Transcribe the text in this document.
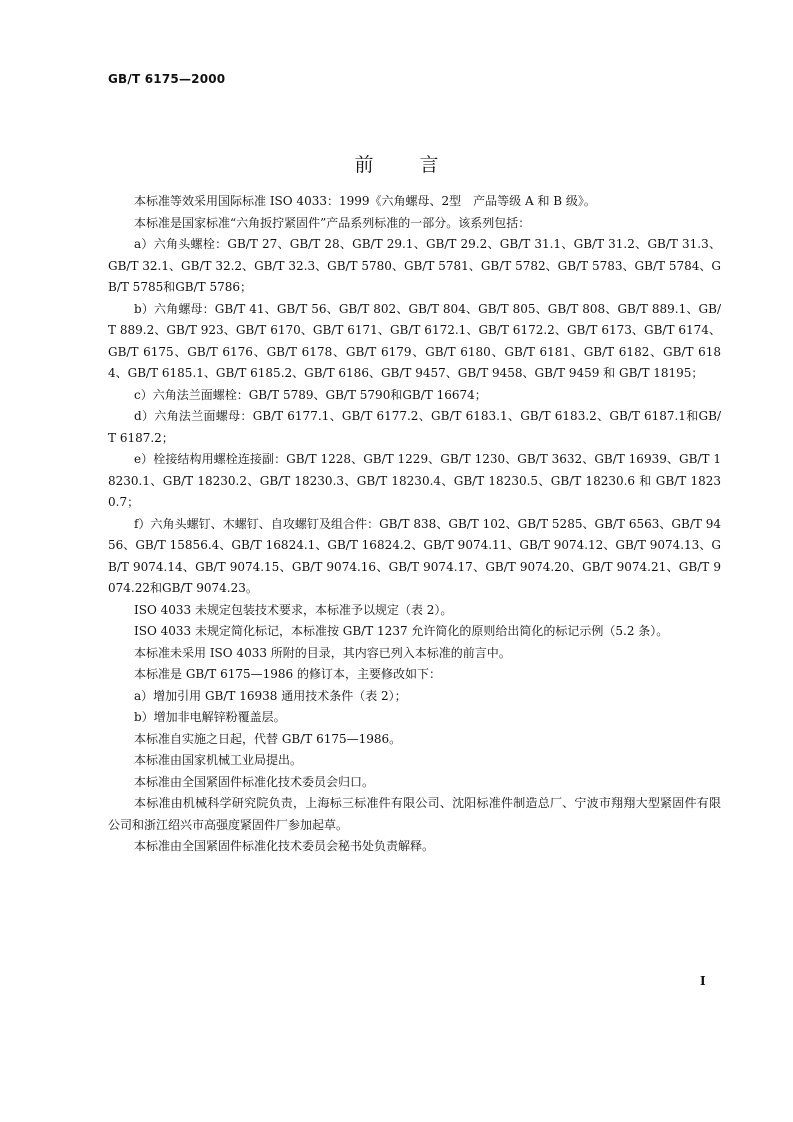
GB/T 6175—2000
前言

本标准等效采用国际标准 ISO 4033：1999《六角螺母、2型　产品等级 A 和 B 级》。

本标准是国家标准“六角扳拧紧固件”产品系列标准的一部分。该系列包括：

a）六角头螺栓：GB/T 27、GB/T 28、GB/T 29.1、GB/T 29.2、GB/T 31.1、GB/T 31.2、GB/T 31.3、GB/T 32.1、GB/T 32.2、GB/T 32.3、GB/T 5780、GB/T 5781、GB/T 5782、GB/T 5783、GB/T 5784、GB/T 5785和GB/T 5786；

b）六角螺母：GB/T 41、GB/T 56、GB/T 802、GB/T 804、GB/T 805、GB/T 808、GB/T 889.1、GB/T 889.2、GB/T 923、GB/T 6170、GB/T 6171、GB/T 6172.1、GB/T 6172.2、GB/T 6173、GB/T 6174、GB/T 6175、GB/T 6176、GB/T 6178、GB/T 6179、GB/T 6180、GB/T 6181、GB/T 6182、GB/T 6184、GB/T 6185.1、GB/T 6185.2、GB/T 6186、GB/T 9457、GB/T 9458、GB/T 9459 和 GB/T 18195；

c）六角法兰面螺栓：GB/T 5789、GB/T 5790和GB/T 16674；

d）六角法兰面螺母：GB/T 6177.1、GB/T 6177.2、GB/T 6183.1、GB/T 6183.2、GB/T 6187.1和GB/T 6187.2；

e）栓接结构用螺栓连接副：GB/T 1228、GB/T 1229、GB/T 1230、GB/T 3632、GB/T 16939、GB/T 18230.1、GB/T 18230.2、GB/T 18230.3、GB/T 18230.4、GB/T 18230.5、GB/T 18230.6 和 GB/T 18230.7；

f）六角头螺钉、木螺钉、自攻螺钉及组合件：GB/T 838、GB/T 102、GB/T 5285、GB/T 6563、GB/T 9456、GB/T 15856.4、GB/T 16824.1、GB/T 16824.2、GB/T 9074.11、GB/T 9074.12、GB/T 9074.13、GB/T 9074.14、GB/T 9074.15、GB/T 9074.16、GB/T 9074.17、GB/T 9074.20、GB/T 9074.21、GB/T 9074.22和GB/T 9074.23。

ISO 4033 未规定包装技术要求，本标准予以规定（表 2）。

ISO 4033 未规定简化标记，本标准按 GB/T 1237 允许简化的原则给出简化的标记示例（5.2 条）。

本标准未采用 ISO 4033 所附的目录，其内容已列入本标准的前言中。

本标准是 GB/T 6175—1986 的修订本，主要修改如下：

a）增加引用 GB/T 16938 通用技术条件（表 2）；

b）增加非电解锌粉覆盖层。

本标准自实施之日起，代替 GB/T 6175—1986。

本标准由国家机械工业局提出。

本标准由全国紧固件标准化技术委员会归口。

本标准由机械科学研究院负责，上海标三标准件有限公司、沈阳标准件制造总厂、宁波市翔翔大型紧固件有限公司和浙江绍兴市高强度紧固件厂参加起草。

本标准由全国紧固件标准化技术委员会秘书处负责解释。

I
